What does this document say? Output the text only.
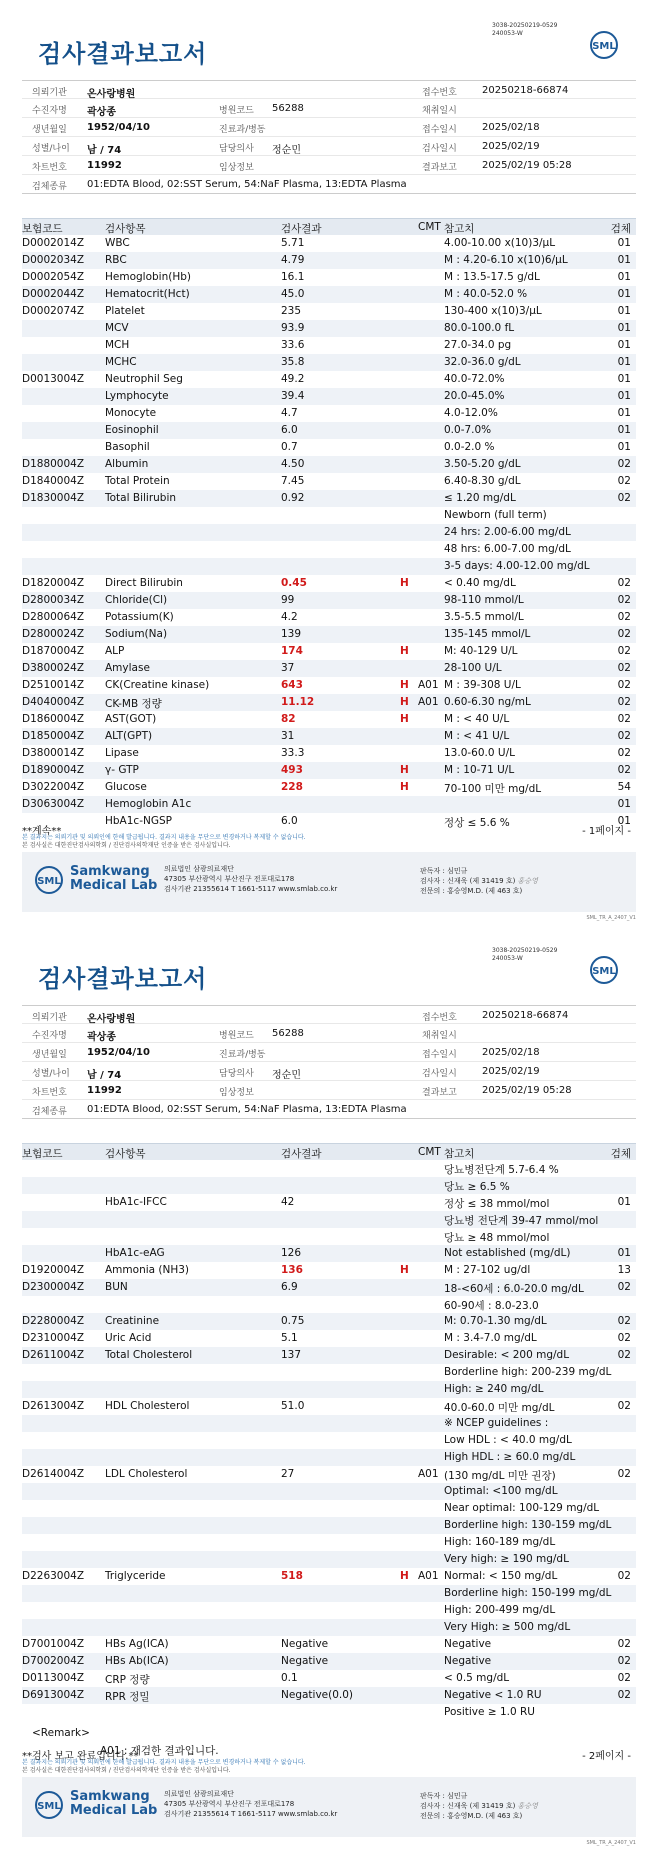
3038-20250219-0529
240053-W
검사결과보고서	SML
의뢰기관 온사랑병원	접수번호	20250218-66874
수진자명 곽상종	병원코드 56288	채취일시
생년월일 1952/04/10	진료과/병동	접수일시	2025/02/18
성별/나이 남 / 74	담당의사 정순민	검사일시	2025/02/19
차트번호 11992	임상정보	결과보고	2025/02/19 05:28
검체종류 01:EDTA Blood, 02:SST Serum, 54:NaF Plasma, 13:EDTA Plasma
보험코드	검사항목	검사결과	CMT 참고치	검체
D0002014Z WBC	5.71	4.00-10.00 x(10)3/µL	01
D0002034Z RBC	4.79	M : 4.20-6.10 x(10)6/µL	01
D0002054Z Hemoglobin(Hb)	16.1	M : 13.5-17.5 g/dL	01
D0002044Z Hematocrit(Hct)	45.0	M : 40.0-52.0 %	01
D0002074Z Platelet	235	130-400 x(10)3/µL	01
MCV	93.9	80.0-100.0 fL	01
MCH	33.6	27.0-34.0 pg	01
MCHC	35.8	32.0-36.0 g/dL	01
D0013004Z Neutrophil Seg	49.2	40.0-72.0%	01
Lymphocyte	39.4	20.0-45.0%	01
Monocyte	4.7	4.0-12.0%	01
Eosinophil	6.0	0.0-7.0%	01
Basophil	0.7	0.0-2.0 %	01
D1880004Z Albumin	4.50	3.50-5.20 g/dL	02
D1840004Z Total Protein	7.45	6.40-8.30 g/dL	02
D1830004Z Total Bilirubin	0.92	≤ 1.20 mg/dL	02
Newborn (full term)
24 hrs: 2.00-6.00 mg/dL
48 hrs: 6.00-7.00 mg/dL
3-5 days: 4.00-12.00 mg/dL
D1820004Z Direct Bilirubin	0.45	H	< 0.40 mg/dL	02
D2800034Z Chloride(Cl)	99	98-110 mmol/L	02
D2800064Z Potassium(K)	4.2	3.5-5.5 mmol/L	02
D2800024Z Sodium(Na)	139	135-145 mmol/L	02
D1870004Z ALP	174	H	M: 40-129 U/L	02
D3800024Z Amylase	37	28-100 U/L	02
D2510014Z CK(Creatine kinase)	643	H A01 M : 39-308 U/L	02
D4040004Z CK-MB 정량	11.12	H A01 0.60-6.30 ng/mL	02
D1860004Z AST(GOT)	82	H	M : < 40 U/L	02
D1850004Z ALT(GPT)	31	M : < 41 U/L	02
D3800014Z Lipase	33.3	13.0-60.0 U/L	02
D1890004Z γ- GTP	493	H	M : 10-71 U/L	02
D3022004Z Glucose	228	H	70-100 미만 mg/dL	54
D3063004Z Hemoglobin A1c	01
HbA1c-NGSP	6.0	정상 ≤ 5.6 %	01
**계속**	- 1페이지 -
본 결과지는 의뢰기관 및 의뢰인에 한해 발급됩니다. 결과지 내용을 무단으로 변경하거나 복제할 수 없습니다.
본 검사실은 대한진단검사의학회 / 진단검사의학재단 인증을 받은 검사실입니다.
SML
Samkwang
Medical Lab
의료법인 삼광의료재단
47305 부산광역시 부산진구 전포대로178
검사기관 21355614 T 1661-5117 www.smlab.co.kr
판독자 : 심민규
검사자 : 신재욱 (제 31419 호) 홍승영
전문의 : 홍승영M.D. (제 463 호)
SML_TR_A_2407_V1
3038-20250219-0529
240053-W
검사결과보고서	SML
의뢰기관 온사랑병원	접수번호	20250218-66874
수진자명 곽상종	병원코드 56288	채취일시
생년월일 1952/04/10	진료과/병동	접수일시	2025/02/18
성별/나이 남 / 74	담당의사 정순민	검사일시	2025/02/19
차트번호 11992	임상정보	결과보고	2025/02/19 05:28
검체종류 01:EDTA Blood, 02:SST Serum, 54:NaF Plasma, 13:EDTA Plasma
보험코드	검사항목	검사결과	CMT 참고치	검체
당뇨병전단계 5.7-6.4 %
당뇨 ≥ 6.5 %
HbA1c-IFCC	42	정상 ≤ 38 mmol/mol	01
당뇨병 전단계 39-47 mmol/mol
당뇨 ≥ 48 mmol/mol
HbA1c-eAG	126	Not established (mg/dL)	01
D1920004Z Ammonia (NH3)	136	H	M : 27-102 ug/dl	13
D2300004Z BUN	6.9	18-<60세 : 6.0-20.0 mg/dL	02
60-90세 : 8.0-23.0
D2280004Z Creatinine	0.75	M: 0.70-1.30 mg/dL	02
D2310004Z Uric Acid	5.1	M : 3.4-7.0 mg/dL	02
D2611004Z Total Cholesterol	137	Desirable: < 200 mg/dL	02
Borderline high: 200-239 mg/dL
High: ≥ 240 mg/dL
D2613004Z HDL Cholesterol	51.0	40.0-60.0 미만 mg/dL	02
※ NCEP guidelines :
Low HDL : < 40.0 mg/dL
High HDL : ≥ 60.0 mg/dL
D2614004Z LDL Cholesterol	27	A01 (130 mg/dL 미만 권장)	02
Optimal: <100 mg/dL
Near optimal: 100-129 mg/dL
Borderline high: 130-159 mg/dL
High: 160-189 mg/dL
Very high: ≥ 190 mg/dL
D2263004Z Triglyceride	518	H A01 Normal: < 150 mg/dL	02
Borderline high: 150-199 mg/dL
High: 200-499 mg/dL
Very High: ≥ 500 mg/dL
D7001004Z HBs Ag(ICA)	Negative	Negative	02
D7002004Z HBs Ab(ICA)	Negative	Negative	02
D0113004Z CRP 정량	0.1	< 0.5 mg/dL	02
D6913004Z RPR 정밀	Negative(0.0)	Negative < 1.0 RU	02
Positive ≥ 1.0 RU
<Remark>
A01 : 재검한 결과입니다.
**검사 보고 완료입니다.**	- 2페이지 -
본 결과지는 의뢰기관 및 의뢰인에 한해 발급됩니다. 결과지 내용을 무단으로 변경하거나 복제할 수 없습니다.
본 검사실은 대한진단검사의학회 / 진단검사의학재단 인증을 받은 검사실입니다.
SML
Samkwang
Medical Lab
의료법인 삼광의료재단
47305 부산광역시 부산진구 전포대로178
검사기관 21355614 T 1661-5117 www.smlab.co.kr
판독자 : 심민규
검사자 : 신재욱 (제 31419 호) 홍승영
전문의 : 홍승영M.D. (제 463 호)
SML_TR_A_2407_V1
